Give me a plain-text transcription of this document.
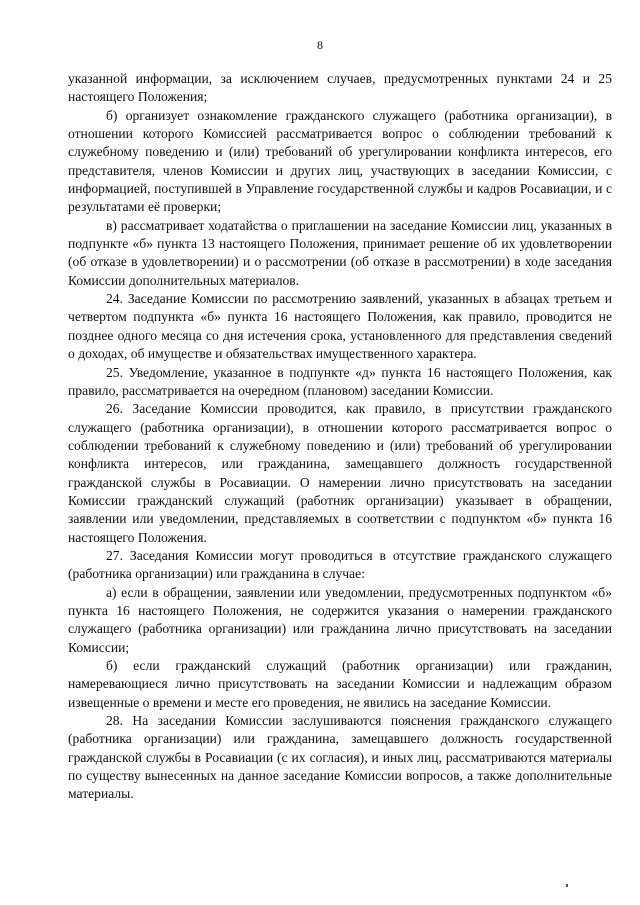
8

указанной информации, за исключением случаев, предусмотренных пунктами 24 и 25 настоящего Положения;

б) организует ознакомление гражданского служащего (работника организации), в отношении которого Комиссией рассматривается вопрос о соблюдении требований к служебному поведению и (или) требований об урегулировании конфликта интересов, его представителя, членов Комиссии и других лиц, участвующих в заседании Комиссии, с информацией, поступившей в Управление государственной службы и кадров Росавиации, и с результатами её проверки;

в) рассматривает ходатайства о приглашении на заседание Комиссии лиц, указанных в подпункте «б» пункта 13 настоящего Положения, принимает решение об их удовлетворении (об отказе в удовлетворении) и о рассмотрении (об отказе в рассмотрении) в ходе заседания Комиссии дополнительных материалов.

24. Заседание Комиссии по рассмотрению заявлений, указанных в абзацах третьем и четвертом подпункта «б» пункта 16 настоящего Положения, как правило, проводится не позднее одного месяца со дня истечения срока, установленного для представления сведений о доходах, об имуществе и обязательствах имущественного характера.

25. Уведомление, указанное в подпункте «д» пункта 16 настоящего Положения, как правило, рассматривается на очередном (плановом) заседании Комиссии.

26. Заседание Комиссии проводится, как правило, в присутствии гражданского служащего (работника организации), в отношении которого рассматривается вопрос о соблюдении требований к служебному поведению и (или) требований об урегулировании конфликта интересов, или гражданина, замещавшего должность государственной гражданской службы в Росавиации. О намерении лично присутствовать на заседании Комиссии гражданский служащий (работник организации) указывает в обращении, заявлении или уведомлении, представляемых в соответствии с подпунктом «б» пункта 16 настоящего Положения.

27. Заседания Комиссии могут проводиться в отсутствие гражданского служащего (работника организации) или гражданина в случае:

а) если в обращении, заявлении или уведомлении, предусмотренных подпунктом «б» пункта 16 настоящего Положения, не содержится указания о намерении гражданского служащего (работника организации) или гражданина лично присутствовать на заседании Комиссии;

б) если гражданский служащий (работник организации) или гражданин, намеревающиеся лично присутствовать на заседании Комиссии и надлежащим образом извещенные о времени и месте его проведения, не явились на заседание Комиссии.

28. На заседании Комиссии заслушиваются пояснения гражданского служащего (работника организации) или гражданина, замещавшего должность государственной гражданской службы в Росавиации (с их согласия), и иных лиц, рассматриваются материалы по существу вынесенных на данное заседание Комиссии вопросов, а также дополнительные материалы.
